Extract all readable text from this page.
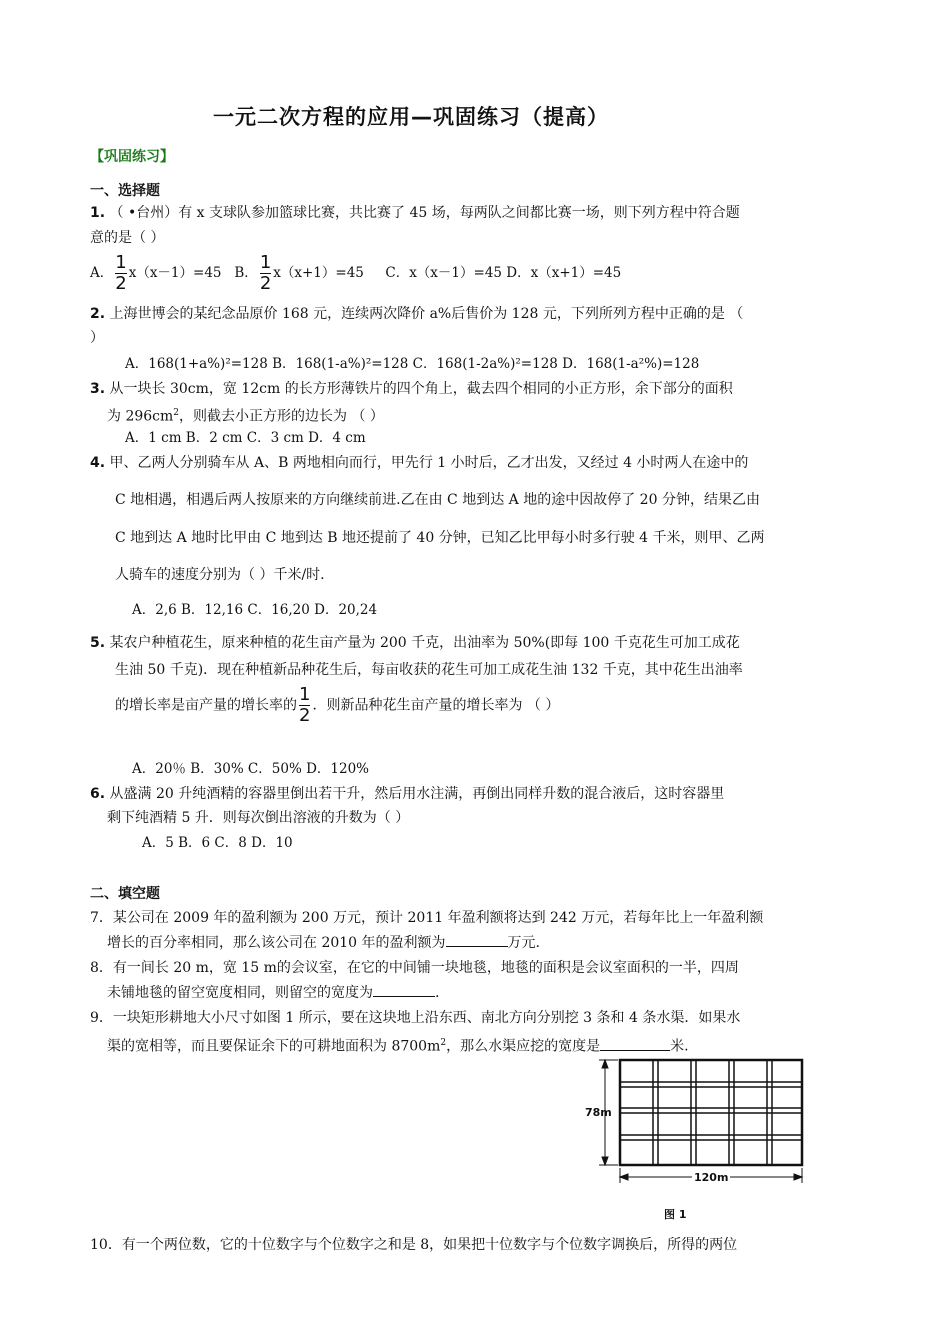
一元二次方程的应用—巩固练习（提高）
【巩固练习】
一、选择题
1. （ •台州）有 x 支球队参加篮球比赛，共比赛了 45 场，每两队之间都比赛一场，则下列方程中符合题
意的是（ ）
A． $\frac{1}{2} x(x-1)=45$ B． $\frac{1}{2} x(x+1)=45$ C．x（x－1）=45 D．x（x+1）=45
2. 上海世博会的某纪念品原价 168 元，连续两次降价 a%后售价为 128 元，下列所列方程中正确的是 （
）
A．168(1+a%)²=128 B．168(1-a%)²=128 C．168(1-2a%)²=128 D．168(1-a²%)=128
3. 从一块长 30cm，宽 12cm 的长方形薄铁片的四个角上，截去四个相同的小正方形，余下部分的面积
为 $296cm^2$，则截去小正方形的边长为 （ ）
A．1 cm B．2 cm C．3 cm D．4 cm
4. 甲、乙两人分别骑车从 A、B 两地相向而行，甲先行 1 小时后，乙才出发，又经过 4 小时两人在途中的
C 地相遇，相遇后两人按原来的方向继续前进.乙在由 C 地到达 A 地的途中因故停了 20 分钟，结果乙由
C 地到达 A 地时比甲由 C 地到达 B 地还提前了 40 分钟，已知乙比甲每小时多行驶 4 千米，则甲、乙两
人骑车的速度分别为（ ）千米/时.
A．2,6 B．12,16 C．16,20 D．20,24
5. 某农户种植花生，原来种植的花生亩产量为 200 千克，出油率为 50%(即每 100 千克花生可加工成花
生油 50 千克)．现在种植新品种花生后，每亩收获的花生可加工成花生油 132 千克，其中花生出油率
的增长率是亩产量的增长率的 $\frac{1}{2}$ ．则新品种花生亩产量的增长率为 （ ）
A．20％ B．30% C．50% D．120%
6. 从盛满 20 升纯酒精的容器里倒出若干升，然后用水注满，再倒出同样升数的混合液后，这时容器里
剩下纯酒精 5 升．则每次倒出溶液的升数为（ ）
A．5 B．6 C．8 D．10
二、填空题
7．某公司在 2009 年的盈利额为 200 万元，预计 2011 年盈利额将达到 242 万元，若每年比上一年盈利额
增长的百分率相同，那么该公司在 2010 年的盈利额为	万元.
8．有一间长 20 m，宽 15 m的会议室，在它的中间铺一块地毯，地毯的面积是会议室面积的一半，四周
未铺地毯的留空宽度相同，则留空的宽度为	.
9．一块矩形耕地大小尺寸如图 1 所示，要在这块地上沿东西、南北方向分别挖 3 条和 4 条水渠．如果水
渠的宽相等，而且要保证余下的可耕地面积为 $8700m^2$，那么水渠应挖的宽度是	米.
78m
120m
图 1
10．有一个两位数，它的十位数字与个位数字之和是 8，如果把十位数字与个位数字调换后，所得的两位
